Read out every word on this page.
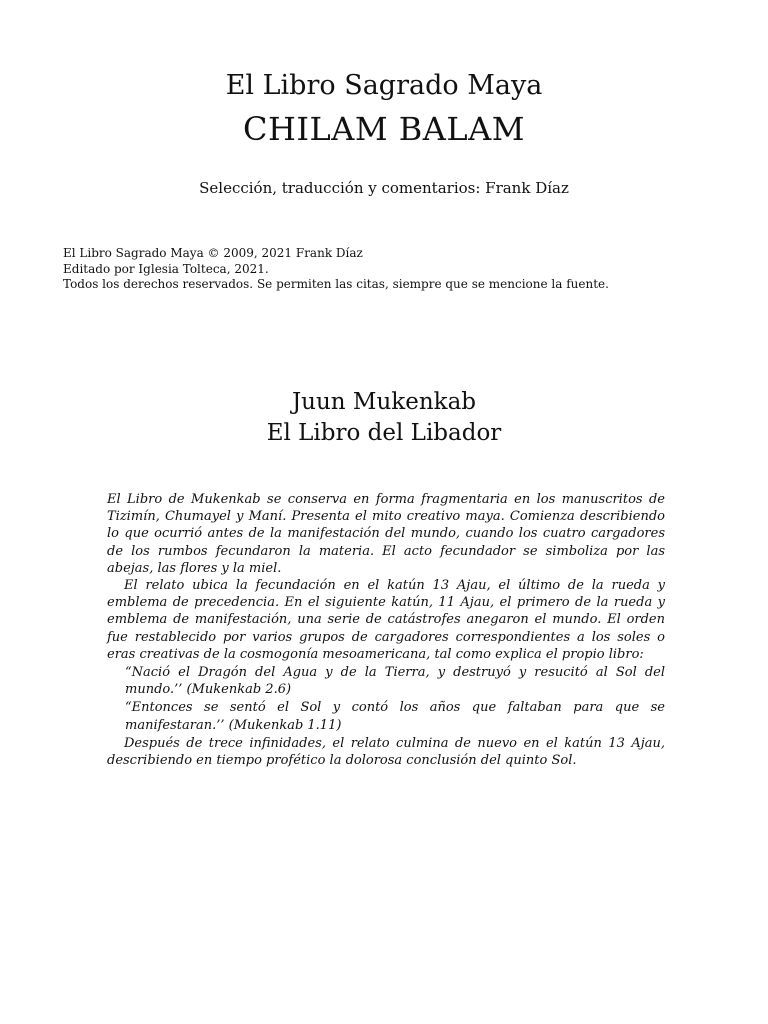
El Libro Sagrado Maya
CHILAM BALAM
Selección, traducción y comentarios: Frank Díaz
El Libro Sagrado Maya © 2009, 2021 Frank Díaz
Editado por Iglesia Tolteca, 2021.
Todos los derechos reservados. Se permiten las citas, siempre que se mencione la fuente.
Juun Mukenkab
El Libro del Libador

El Libro de Mukenkab se conserva en forma fragmentaria en los manuscritos de Tizimín, Chumayel y Maní. Presenta el mito creativo maya. Comienza describiendo lo que ocurrió antes de la manifestación del mundo, cuando los cuatro cargadores de los rumbos fecundaron la materia. El acto fecundador se simboliza por las abejas, las flores y la miel.

El relato ubica la fecundación en el katún 13 Ajau, el último de la rueda y emblema de precedencia. En el siguiente katún, 11 Ajau, el primero de la rueda y emblema de manifestación, una serie de catástrofes anegaron el mundo. El orden fue restablecido por varios grupos de cargadores correspondientes a los soles o eras creativas de la cosmogonía mesoamericana, tal como explica el propio libro:

“Nació el Dragón del Agua y de la Tierra, y destruyó y resucitó al Sol del mundo.’’ (Mukenkab 2.6)

“Entonces se sentó el Sol y contó los años que faltaban para que se manifestaran.’’ (Mukenkab 1.11)

Después de trece infinidades, el relato culmina de nuevo en el katún 13 Ajau, describiendo en tiempo profético la dolorosa conclusión del quinto Sol.
